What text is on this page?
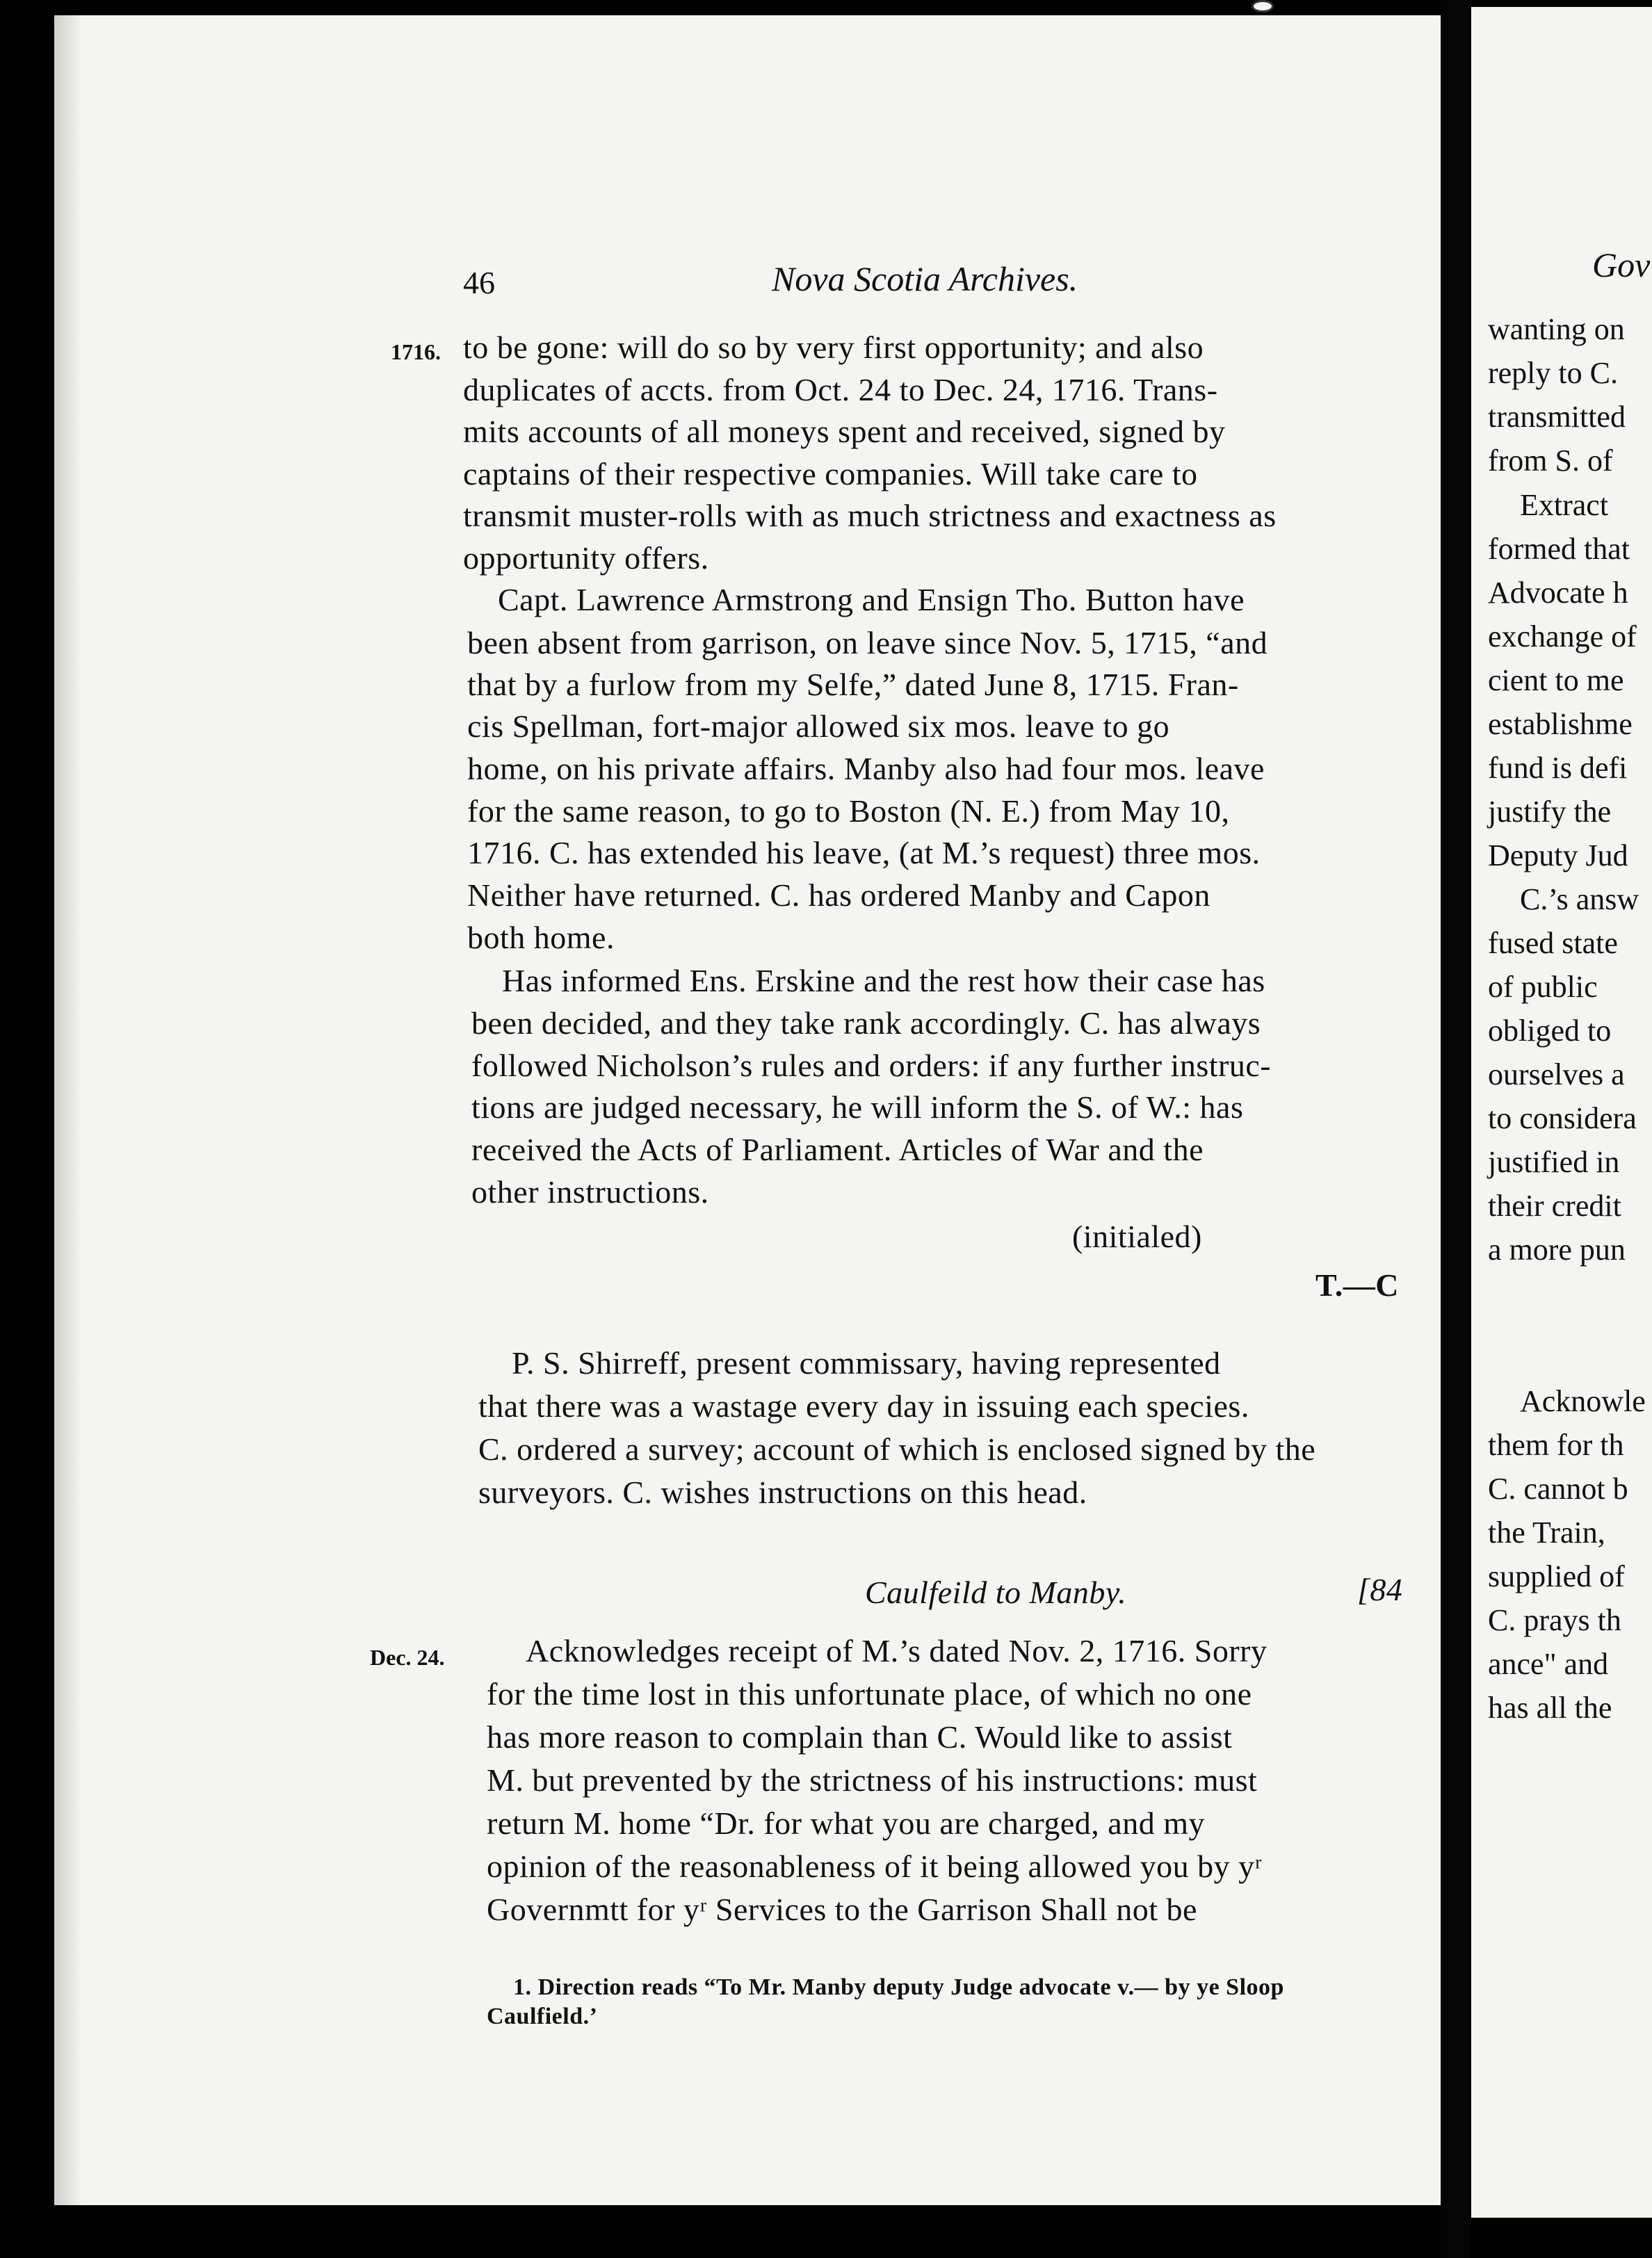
46	Nova Scotia Archives.
1716.
Dec. 24.
to be gone: will do so by very first opportunity; and also
duplicates of accts. from Oct. 24 to Dec. 24, 1716. Trans-
mits accounts of all moneys spent and received, signed by
captains of their respective companies. Will take care to
transmit muster-rolls with as much strictness and exactness as
opportunity offers.
Capt. Lawrence Armstrong and Ensign Tho. Button have
been absent from garrison, on leave since Nov. 5, 1715, “and
that by a furlow from my Selfe,” dated June 8, 1715. Fran-
cis Spellman, fort-major allowed six mos. leave to go
home, on his private affairs. Manby also had four mos. leave
for the same reason, to go to Boston (N. E.) from May 10,
1716. C. has extended his leave, (at M.’s request) three mos.
Neither have returned. C. has ordered Manby and Capon
both home.
Has informed Ens. Erskine and the rest how their case has
been decided, and they take rank accordingly. C. has always
followed Nicholson’s rules and orders: if any further instruc-
tions are judged necessary, he will inform the S. of W.: has
received the Acts of Parliament. Articles of War and the
other instructions.
(initialed)
T.—C
P. S. Shirreff, present commissary, having represented
that there was a wastage every day in issuing each species.
C. ordered a survey; account of which is enclosed signed by the
surveyors. C. wishes instructions on this head.
Caulfeild to Manby.	[84
Acknowledges receipt of M.’s dated Nov. 2, 1716. Sorry
for the time lost in this unfortunate place, of which no one
has more reason to complain than C. Would like to assist
M. but prevented by the strictness of his instructions: must
return M. home “Dr. for what you are charged, and my
opinion of the reasonableness of it being allowed you by yʳ
Governmtt for yʳ Services to the Garrison Shall not be
1. Direction reads “To Mr. Manby deputy Judge advocate v.— by ye Sloop
Caulfield.’
Gov
wanting on
reply to C.
transmitted
from S. of
Extract
formed that
Advocate h
exchange of
cient to me
establishme
fund is defi
justify the
Deputy Jud
C.’s answ
fused state
of public
obliged to
ourselves a
to considera
justified in
their credit
a more pun
Acknowle
them for th
C. cannot b
the Train,
supplied of
C. prays th
ance" and
has all the
